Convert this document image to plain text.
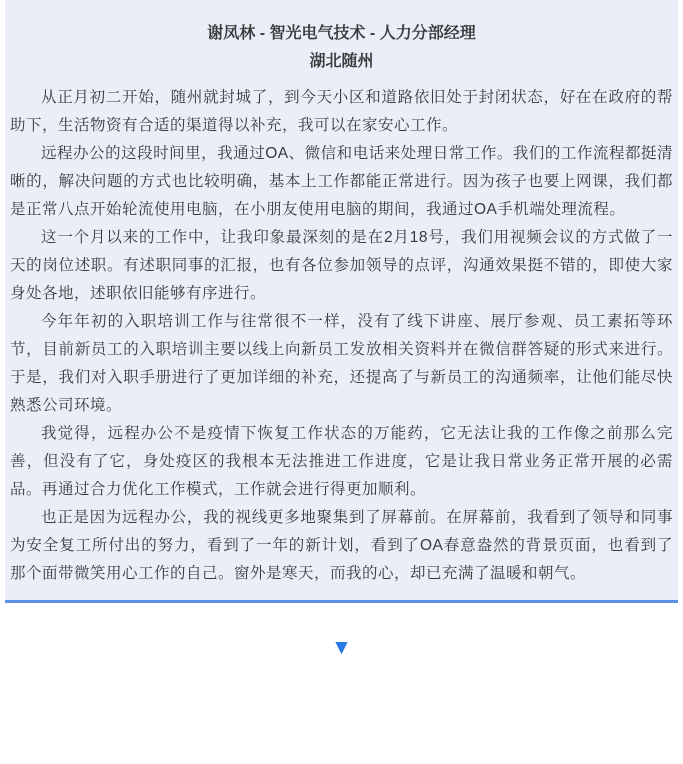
谢凤林 - 智光电气技术 - 人力分部经理
湖北随州

从正月初二开始，随州就封城了，到今天小区和道路依旧处于封闭状态，好在在政府的帮助下，生活物资有合适的渠道得以补充，我可以在家安心工作。

远程办公的这段时间里，我通过OA、微信和电话来处理日常工作。我们的工作流程都挺清晰的，解决问题的方式也比较明确，基本上工作都能正常进行。因为孩子也要上网课，我们都是正常八点开始轮流使用电脑，在小朋友使用电脑的期间，我通过OA手机端处理流程。

这一个月以来的工作中，让我印象最深刻的是在2月18号，我们用视频会议的方式做了一天的岗位述职。有述职同事的汇报，也有各位参加领导的点评，沟通效果挺不错的，即使大家身处各地，述职依旧能够有序进行。

今年年初的入职培训工作与往常很不一样，没有了线下讲座、展厅参观、员工素拓等环节，目前新员工的入职培训主要以线上向新员工发放相关资料并在微信群答疑的形式来进行。于是，我们对入职手册进行了更加详细的补充，还提高了与新员工的沟通频率，让他们能尽快熟悉公司环境。

我觉得，远程办公不是疫情下恢复工作状态的万能药，它无法让我的工作像之前那么完善，但没有了它，身处疫区的我根本无法推进工作进度，它是让我日常业务正常开展的必需品。再通过合力优化工作模式，工作就会进行得更加顺利。

也正是因为远程办公，我的视线更多地聚集到了屏幕前。在屏幕前，我看到了领导和同事为安全复工所付出的努力，看到了一年的新计划，看到了OA春意盎然的背景页面，也看到了那个面带微笑用心工作的自己。窗外是寒天，而我的心，却已充满了温暖和朝气。

▼
